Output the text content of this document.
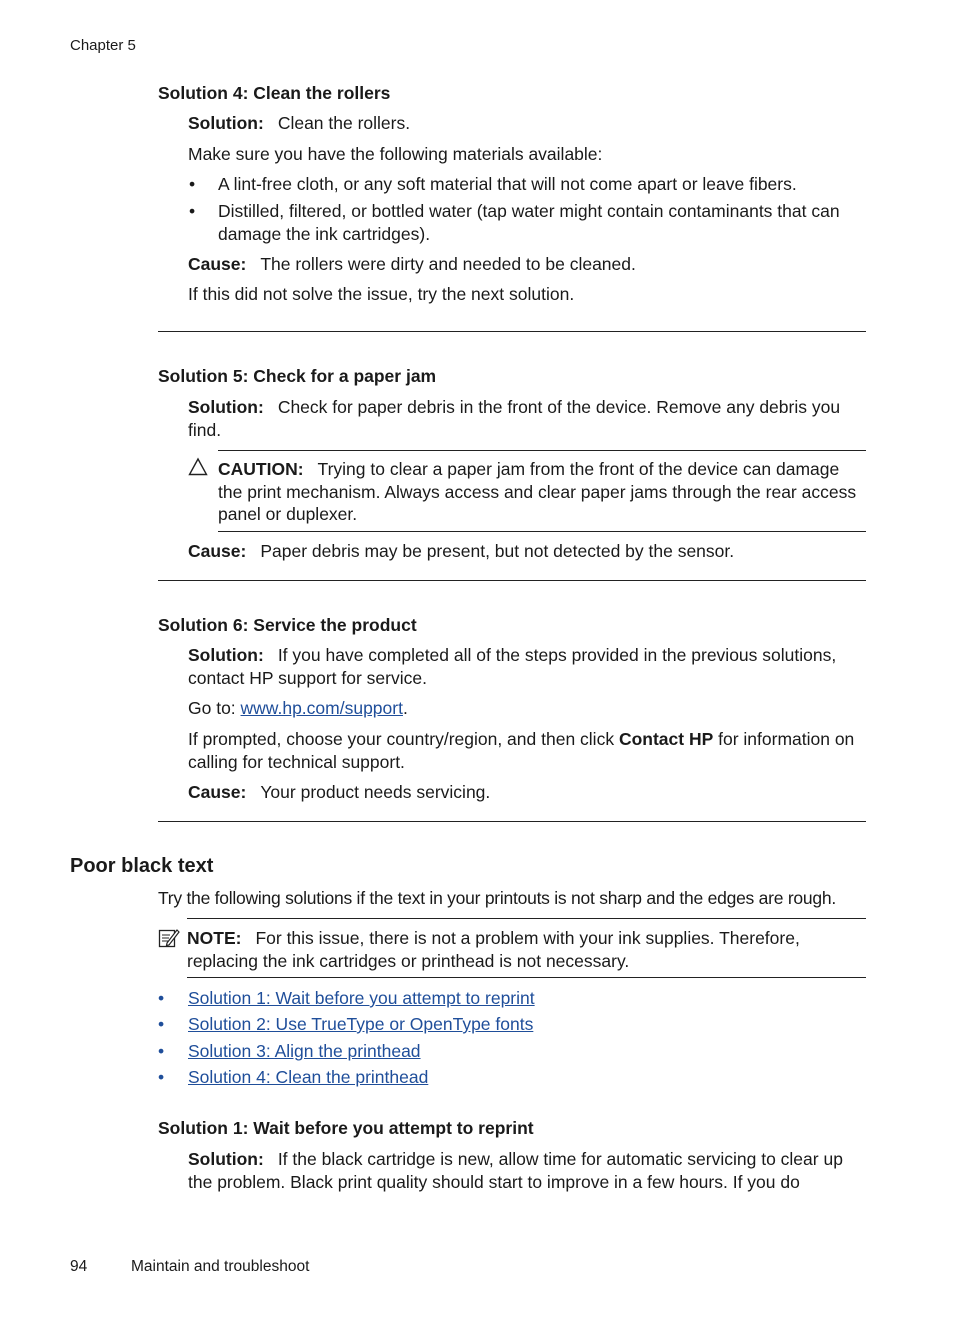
Chapter 5
Solution 4: Clean the rollers
Solution: Clean the rollers.
Make sure you have the following materials available:
•	A lint-free cloth, or any soft material that will not come apart or leave fibers.
•	Distilled, filtered, or bottled water (tap water might contain contaminants that can damage the ink cartridges).
Cause: The rollers were dirty and needed to be cleaned.
If this did not solve the issue, try the next solution.
Solution 5: Check for a paper jam
Solution: Check for paper debris in the front of the device. Remove any debris you find.
CAUTION: Trying to clear a paper jam from the front of the device can damage the print mechanism. Always access and clear paper jams through the rear access panel or duplexer.
Cause: Paper debris may be present, but not detected by the sensor.
Solution 6: Service the product
Solution: If you have completed all of the steps provided in the previous solutions, contact HP support for service.
Go to: www.hp.com/support.
If prompted, choose your country/region, and then click Contact HP for information on calling for technical support.
Cause: Your product needs servicing.
Poor black text
Try the following solutions if the text in your printouts is not sharp and the edges are rough.
NOTE: For this issue, there is not a problem with your ink supplies. Therefore, replacing the ink cartridges or printhead is not necessary.
•	Solution 1: Wait before you attempt to reprint
•	Solution 2: Use TrueType or OpenType fonts
•	Solution 3: Align the printhead
•	Solution 4: Clean the printhead
Solution 1: Wait before you attempt to reprint
Solution: If the black cartridge is new, allow time for automatic servicing to clear up the problem. Black print quality should start to improve in a few hours. If you do
94	Maintain and troubleshoot
